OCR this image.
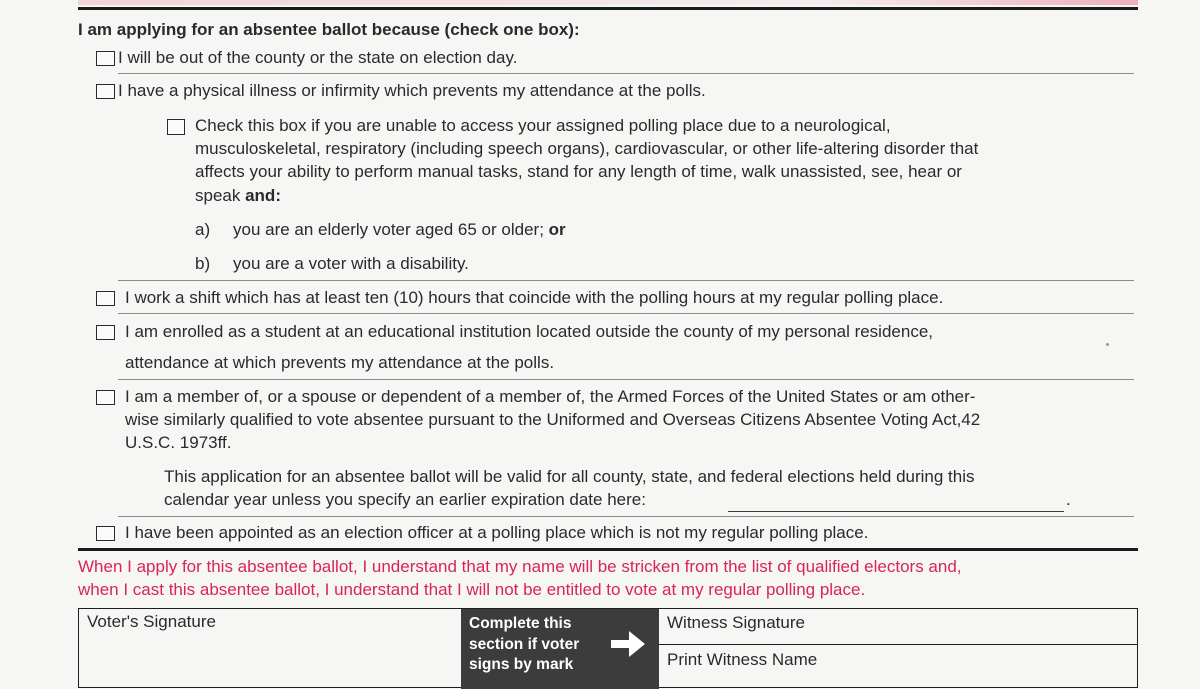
I am applying for an absentee ballot because (check one box):
I will be out of the county or the state on election day.
I have a physical illness or infirmity which prevents my attendance at the polls.
Check this box if you are unable to access your assigned polling place due to a neurological,
musculoskeletal, respiratory (including speech organs), cardiovascular, or other life-altering disorder that
affects your ability to perform manual tasks, stand for any length of time, walk unassisted, see, hear or
speak and:
a) you are an elderly voter aged 65 or older; or
b) you are a voter with a disability.
I work a shift which has at least ten (10) hours that coincide with the polling hours at my regular polling place.
I am enrolled as a student at an educational institution located outside the county of my personal residence,
attendance at which prevents my attendance at the polls.
I am a member of, or a spouse or dependent of a member of, the Armed Forces of the United States or am other-
wise similarly qualified to vote absentee pursuant to the Uniformed and Overseas Citizens Absentee Voting Act,42
U.S.C. 1973ff.
This application for an absentee ballot will be valid for all county, state, and federal elections held during this
calendar year unless you specify an earlier expiration date here:	.
I have been appointed as an election officer at a polling place which is not my regular polling place.
When I apply for this absentee ballot, I understand that my name will be stricken from the list of qualified electors and,
when I cast this absentee ballot, I understand that I will not be entitled to vote at my regular polling place.
Voter's Signature	Complete this
section if voter
signs by mark
Witness Signature
Print Witness Name
